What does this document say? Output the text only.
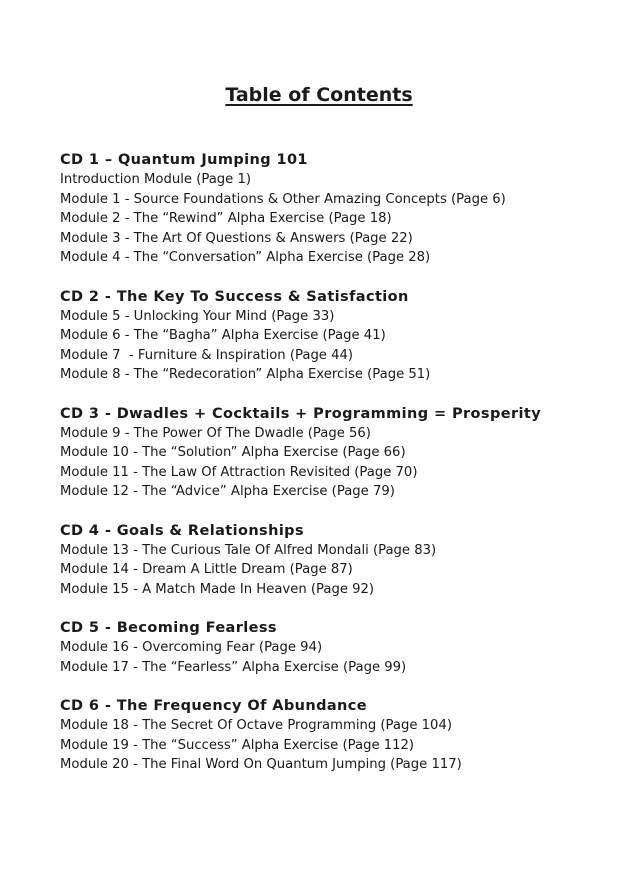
Table of Contents
CD 1 – Quantum Jumping 101
Introduction Module (Page 1)
Module 1 - Source Foundations & Other Amazing Concepts (Page 6)
Module 2 - The “Rewind” Alpha Exercise (Page 18)
Module 3 - The Art Of Questions & Answers (Page 22)
Module 4 - The “Conversation” Alpha Exercise (Page 28)
CD 2 - The Key To Success & Satisfaction
Module 5 - Unlocking Your Mind (Page 33)
Module 6 - The “Bagha” Alpha Exercise (Page 41)
Module 7  - Furniture & Inspiration (Page 44)
Module 8 - The “Redecoration” Alpha Exercise (Page 51)
CD 3 - Dwadles + Cocktails + Programming = Prosperity
Module 9 - The Power Of The Dwadle (Page 56)
Module 10 - The “Solution” Alpha Exercise (Page 66)
Module 11 - The Law Of Attraction Revisited (Page 70)
Module 12 - The “Advice” Alpha Exercise (Page 79)
CD 4 - Goals & Relationships
Module 13 - The Curious Tale Of Alfred Mondali (Page 83)
Module 14 - Dream A Little Dream (Page 87)
Module 15 - A Match Made In Heaven (Page 92)
CD 5 - Becoming Fearless
Module 16 - Overcoming Fear (Page 94)
Module 17 - The “Fearless” Alpha Exercise (Page 99)
CD 6 - The Frequency Of Abundance
Module 18 - The Secret Of Octave Programming (Page 104)
Module 19 - The “Success” Alpha Exercise (Page 112)
Module 20 - The Final Word On Quantum Jumping (Page 117)
